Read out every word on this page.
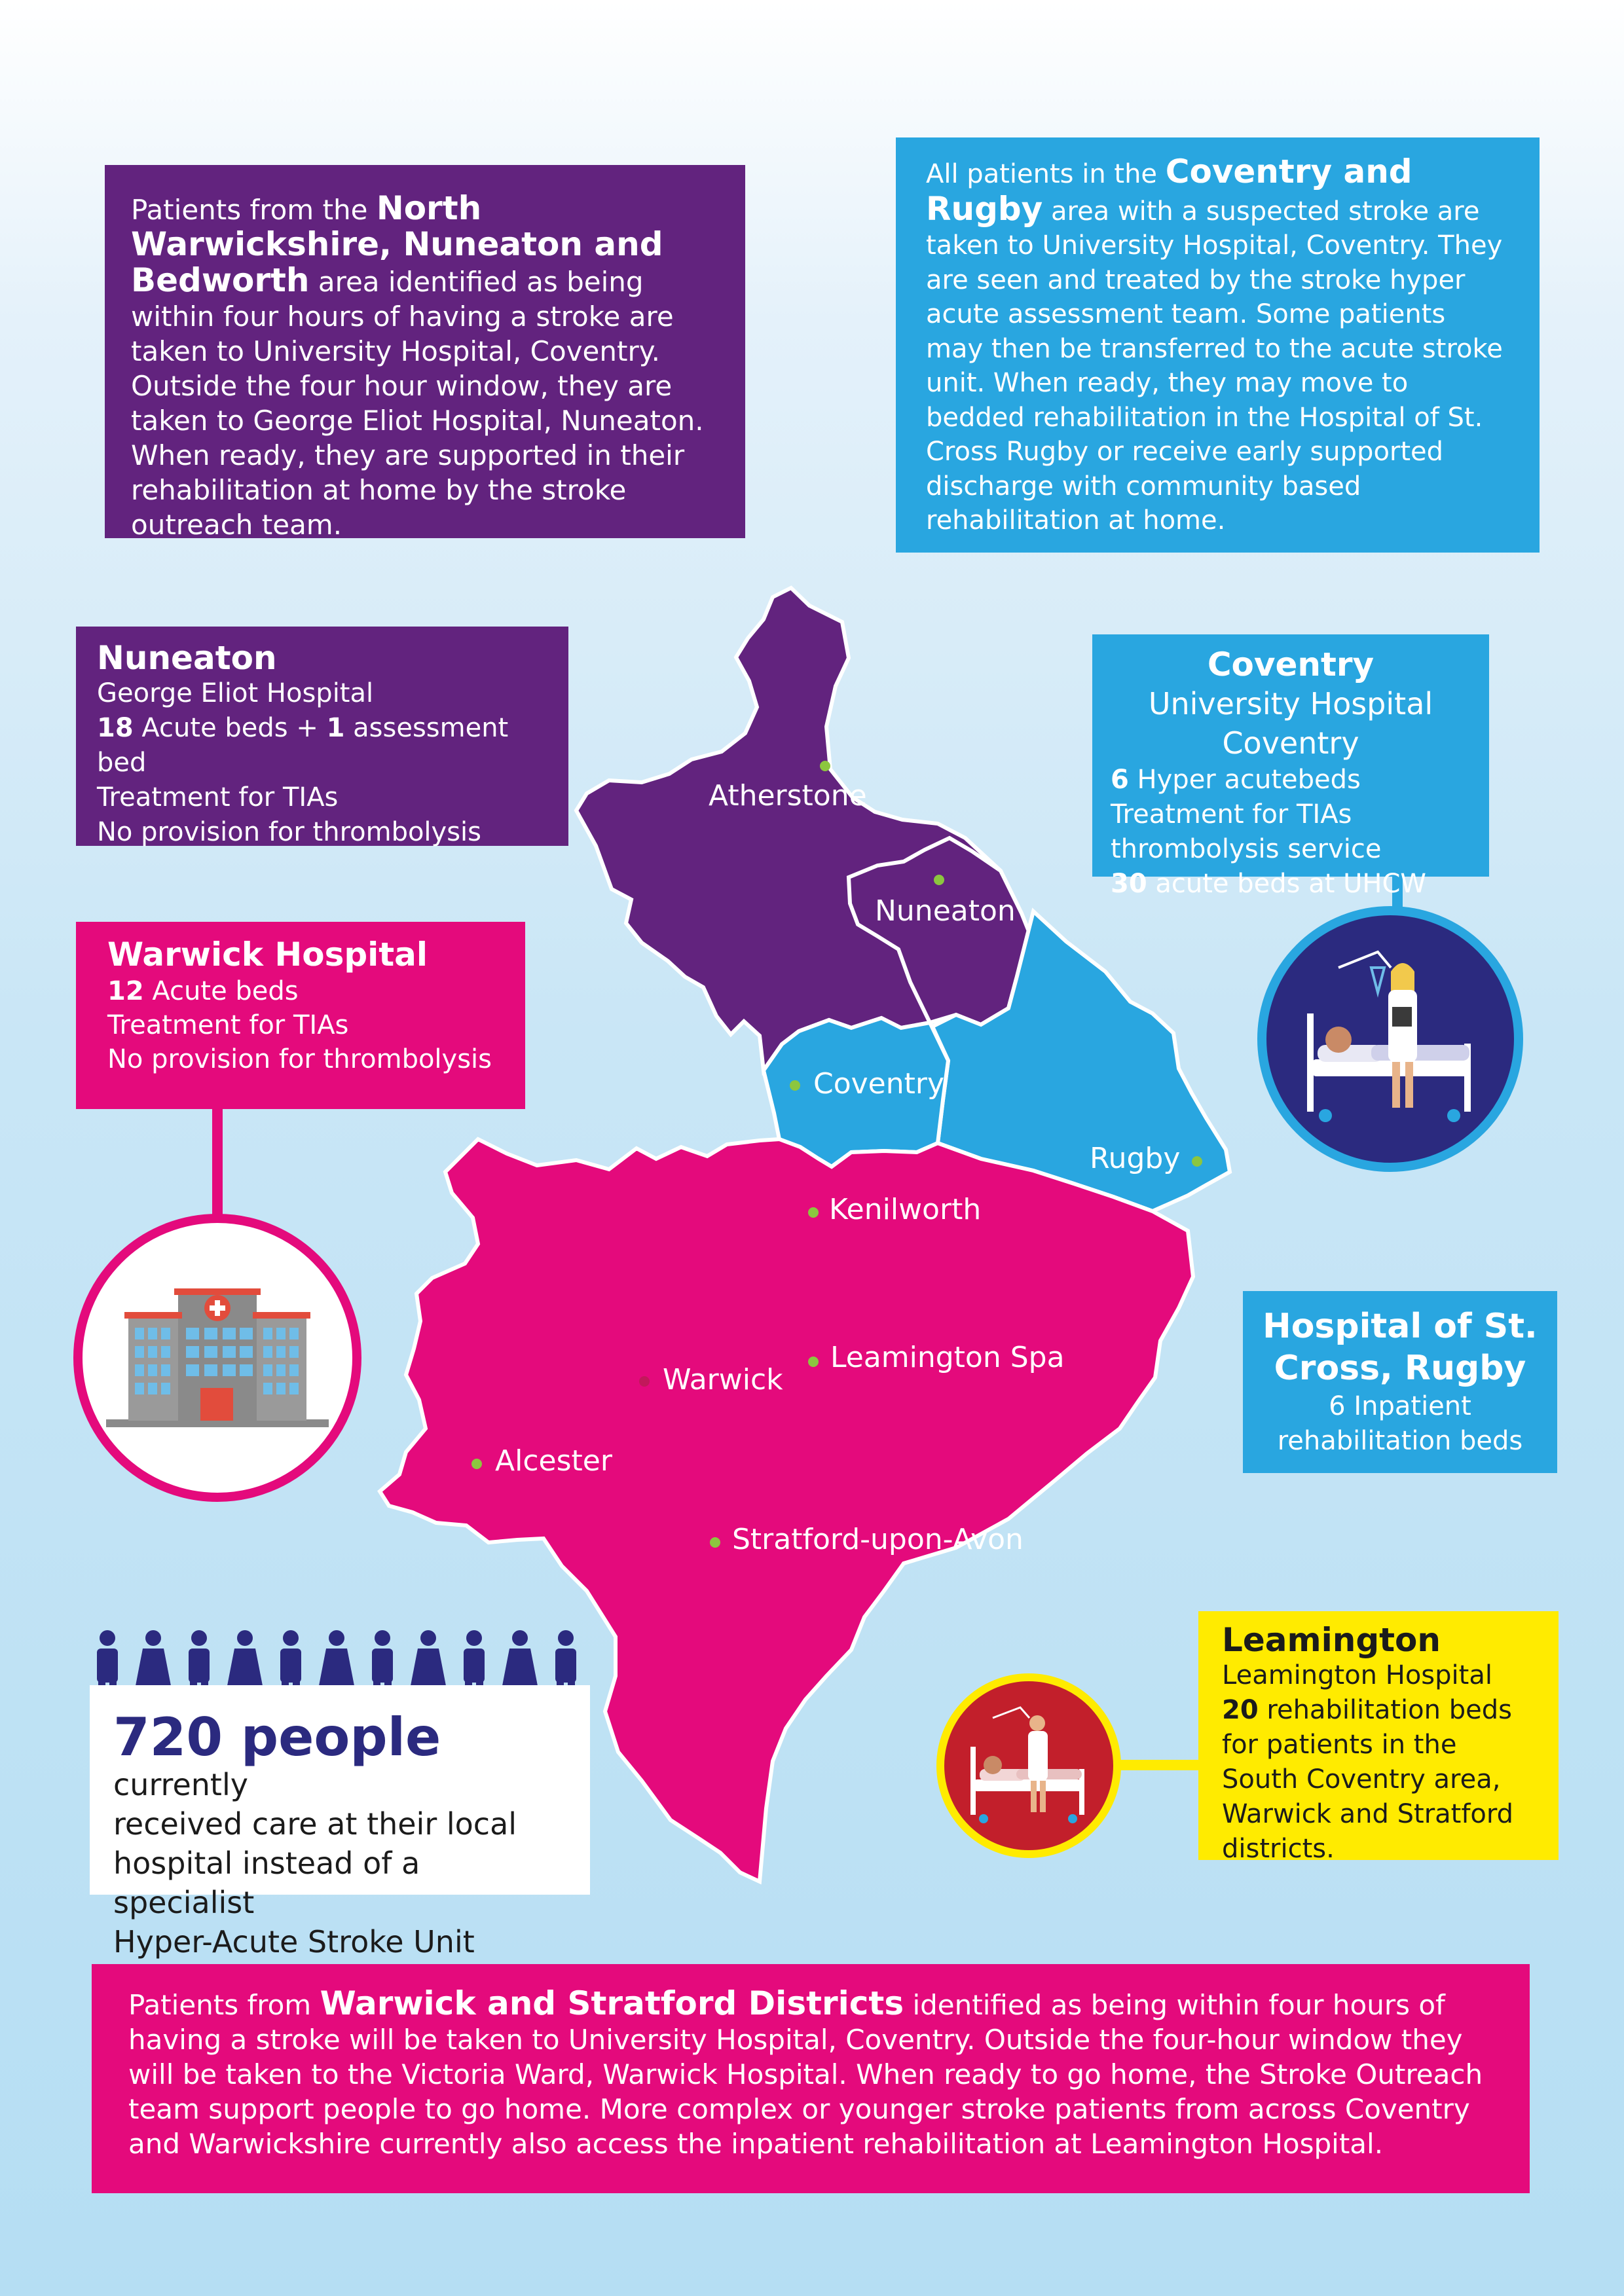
Patients from the North Warwickshire, Nuneaton and Bedworth area identified as being within four hours of having a stroke are taken to University Hospital, Coventry. Outside the four hour window, they are taken to George Eliot Hospital, Nuneaton. When ready, they are supported in their rehabilitation at home by the stroke outreach team.
All patients in the Coventry and Rugby area with a suspected stroke are taken to University Hospital, Coventry. They are seen and treated by the stroke hyper acute assessment team. Some patients may then be transferred to the acute stroke unit. When ready, they may move to bedded rehabilitation in the Hospital of St. Cross Rugby or receive early supported discharge with community based rehabilitation at home.
Nuneaton
George Eliot Hospital
18 Acute beds + 1 assessment bed
Treatment for TIAs
No provision for thrombolysis
Coventry
University Hospital Coventry
6 Hyper acutebeds Treatment for TIAs thrombolysis service
30 acute beds at UHCW
Warwick Hospital
12 Acute beds
Treatment for TIAs
No provision for thrombolysis
Hospital of St. Cross, Rugby
6 Inpatient
rehabilitation beds
Leamington
Leamington Hospital
20 rehabilitation beds for patients in the South Coventry area, Warwick and Stratford districts.
720 people currently
received care at their local
hospital instead of a specialist
Hyper-Acute Stroke Unit
Atherstone
Nuneaton
Coventry
Rugby
Kenilworth
Warwick
Leamington Spa
Alcester
Stratford-upon-Avon
Patients from Warwick and Stratford Districts identified as being within four hours of having a stroke will be taken to University Hospital, Coventry. Outside the four-hour window they will be taken to the Victoria Ward, Warwick Hospital. When ready to go home, the Stroke Outreach team support people to go home. More complex or younger stroke patients from across Coventry and Warwickshire currently also access the inpatient rehabilitation at Leamington Hospital.
